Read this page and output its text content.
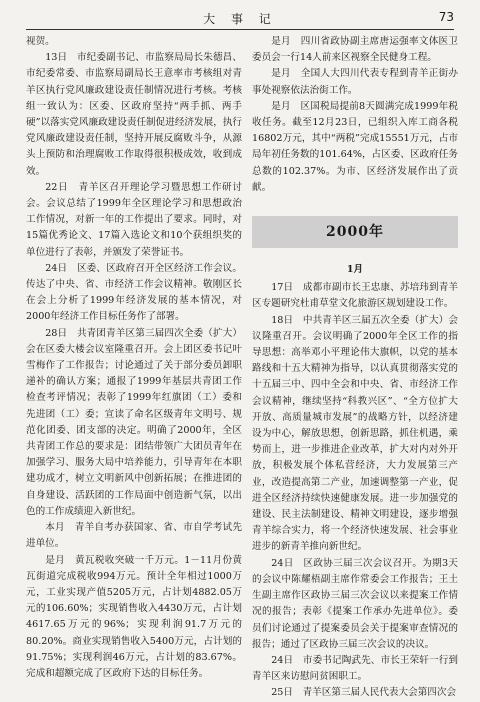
大 事 记	73

视贺。

13日　市纪委副书记、市监察局局长朱德昌、市纪委常委、市监察局副局长王意率市考核组对青羊区执行党风廉政建设责任制情况进行考核。考核组一致认为：区委、区政府坚持“两手抓、两手硬”以落实党风廉政建设责任制促进经济发展，执行党风廉政建设责任制，坚持开展反腐败斗争，从源头上预防和治理腐败工作取得很积极成效，收到成效。

22日　青羊区召开理论学习暨思想工作研讨会。会议总结了1999年全区理论学习和思想政治工作情况，对新一年的工作提出了要求。同时，对15篇优秀论文、17篇入选论文和10个获组织奖的单位进行了表彰，并颁发了荣誉证书。

24日　区委、区政府召开全区经济工作会议。传达了中央、省、市经济工作会议精神。敬刚区长在会上分析了1999年经济发展的基本情况，对2000年经济工作目标任务作了部署。

28日　共青团青羊区第三届四次全委（扩大）会在区委大楼会议室隆重召开。会上团区委书记叶雪梅作了工作报告；讨论通过了关于部分委员卸职递补的确认方案；通报了1999年基层共青团工作检查考评情况；表彰了1999年红旗团（工）委和先进团（工）委；宣读了命名区级青年文明号、规范化团委、团支部的决定。明确了2000年，全区共青团工作总的要求是：团结带领广大团员青年在加强学习、服务大局中培养能力，引导青年在本职建功成才，树立文明新风中创新拓展；在推进团的自身建设、活跃团的工作局面中创造新气氛，以出色的工作成绩迎入新世纪。

本月　青羊自考办获国家、省、市自学考试先进单位。

是月　黄瓦税收突破一千万元。1－11月份黄瓦街道完成税收994万元。预计全年相过1000万元，工业实现产值5205万元，占计划4882.05万元的106.60%；实现销售收入4430万元，占计划4617.65万元的96%；实现利润91.7万元的80.20%。商业实现销售收入5400万元，占计划的91.75%；实现利润46万元，占计划的83.67%。完成和超额完成了区政府下达的目标任务。

是月　四川省政协副主席唐运强率文体医卫委员会一行14人前来区视察全民健身工程。

是月　全国人大四川代表专程到青羊正街办事处视察依法治街工作。

是月　区国税局提前8天圆满完成1999年税收任务。截至12月23日，已组织入库工商各税16802万元，其中“两税”完成15551万元，占市局年初任务数的101.64%，占区委、区政府任务总数的102.37%。为市、区经济发展作出了贡献。

2000年
1月

17日　成都市副市长王忠康、苏培玮到青羊区专题研究杜甫草堂文化旅游区规划建设工作。

18日　中共青羊区三届五次全委（扩大）会议隆重召开。会议明确了2000年全区工作的指导思想：高举邓小平理论伟大旗帜，以党的基本路线和十五大精神为指导，以认真贯彻落实党的十五届三中、四中全会和中央、省、市经济工作会议精神，继续坚持“科教兴区”、“全方位扩大开放、高质量城市发展”的战略方针，以经济建设为中心，解放思想，创新思路，抓住机遇，乘势而上，进一步推进企业改革，扩大对内对外开放，积极发展个体私营经济，大力发展第三产业，改造提高第二产业，加速调整第一产业，促进全区经济持续快速健康发展。进一步加强党的建设、民主法制建设、精神文明建设，逐步增强青羊综合实力，将一个经济快速发展、社会事业进步的新青羊推向新世纪。

24日　区政协三届三次会议召开。为期3天的会议中陈耀梧副主席作常委会工作报告；王土生副主席作区政协三届三次会议以来提案工作情况的报告；表彰《提案工作承办先进单位》。委员们讨论通过了提案委员会关于提案审查情况的报告；通过了区政协三届三次会议的决议。

24日　市委书记陶武先、市长王荣轩一行到青羊区来访慰问贫困职工。

25日　青羊区第三届人民代表大会第四次会
